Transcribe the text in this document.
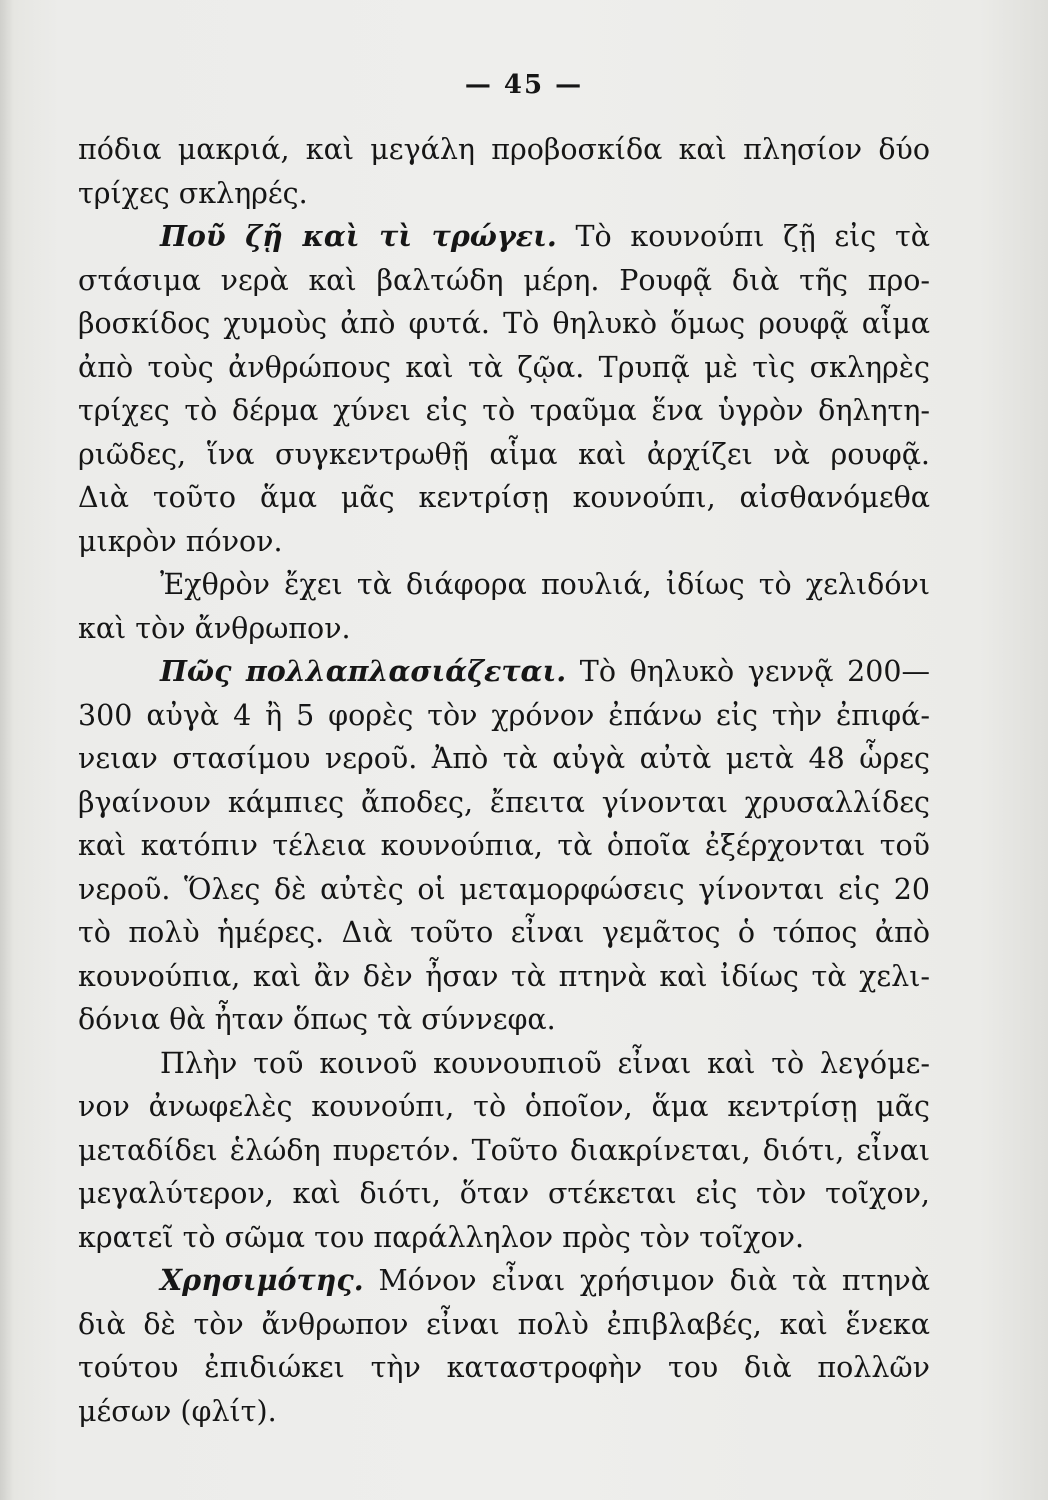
— 45 —
πόδια μακριά, καὶ μεγάλη προβοσκίδα καὶ πλησίον δύο
τρίχες σκληρές.
Ποῦ ζῇ καὶ τὶ τρώγει. Τὸ κουνούπι ζῇ εἰς τὰ
στάσιμα νερὰ καὶ βαλτώδη μέρη. Ρουφᾷ διὰ τῆς προ-
βοσκίδος χυμοὺς ἀπὸ φυτά. Τὸ θηλυκὸ ὅμως ρουφᾷ αἷμα
ἀπὸ τοὺς ἀνθρώπους καὶ τὰ ζῷα. Τρυπᾷ μὲ τὶς σκληρὲς
τρίχες τὸ δέρμα χύνει εἰς τὸ τραῦμα ἕνα ὑγρὸν δηλητη-
ριῶδες, ἵνα συγκεντρωθῇ αἷμα καὶ ἀρχίζει νὰ ρουφᾷ.
Διὰ τοῦτο ἅμα μᾶς κεντρίσῃ κουνούπι, αἰσθανόμεθα
μικρὸν πόνον.
Ἐχθρὸν ἔχει τὰ διάφορα πουλιά, ἰδίως τὸ χελιδόνι
καὶ τὸν ἄνθρωπον.
Πῶς πολλαπλασιάζεται. Τὸ θηλυκὸ γεννᾷ 200—
300 αὐγὰ 4 ἢ 5 φορὲς τὸν χρόνον ἐπάνω εἰς τὴν ἐπιφά-
νειαν στασίμου νεροῦ. Ἀπὸ τὰ αὐγὰ αὐτὰ μετὰ 48 ὧρες
βγαίνουν κάμπιες ἄποδες, ἔπειτα γίνονται χρυσαλλίδες
καὶ κατόπιν τέλεια κουνούπια, τὰ ὁποῖα ἐξέρχονται τοῦ
νεροῦ. Ὅλες δὲ αὐτὲς οἱ μεταμορφώσεις γίνονται εἰς 20
τὸ πολὺ ἡμέρες. Διὰ τοῦτο εἶναι γεμᾶτος ὁ τόπος ἀπὸ
κουνούπια, καὶ ἂν δὲν ἦσαν τὰ πτηνὰ καὶ ἰδίως τὰ χελι-
δόνια θὰ ἦταν ὅπως τὰ σύννεφα.
Πλὴν τοῦ κοινοῦ κουνουπιοῦ εἶναι καὶ τὸ λεγόμε-
νον ἀνωφελὲς κουνούπι, τὸ ὁποῖον, ἅμα κεντρίσῃ μᾶς
μεταδίδει ἑλώδη πυρετόν. Τοῦτο διακρίνεται, διότι, εἶναι
μεγαλύτερον, καὶ διότι, ὅταν στέκεται εἰς τὸν τοῖχον,
κρατεῖ τὸ σῶμα του παράλληλον πρὸς τὸν τοῖχον.
Χρησιμότης. Μόνον εἶναι χρήσιμον διὰ τὰ πτηνὰ
διὰ δὲ τὸν ἄνθρωπον εἶναι πολὺ ἐπιβλαβές, καὶ ἕνεκα
τούτου ἐπιδιώκει τὴν καταστροφὴν του διὰ πολλῶν
μέσων (φλίτ).
